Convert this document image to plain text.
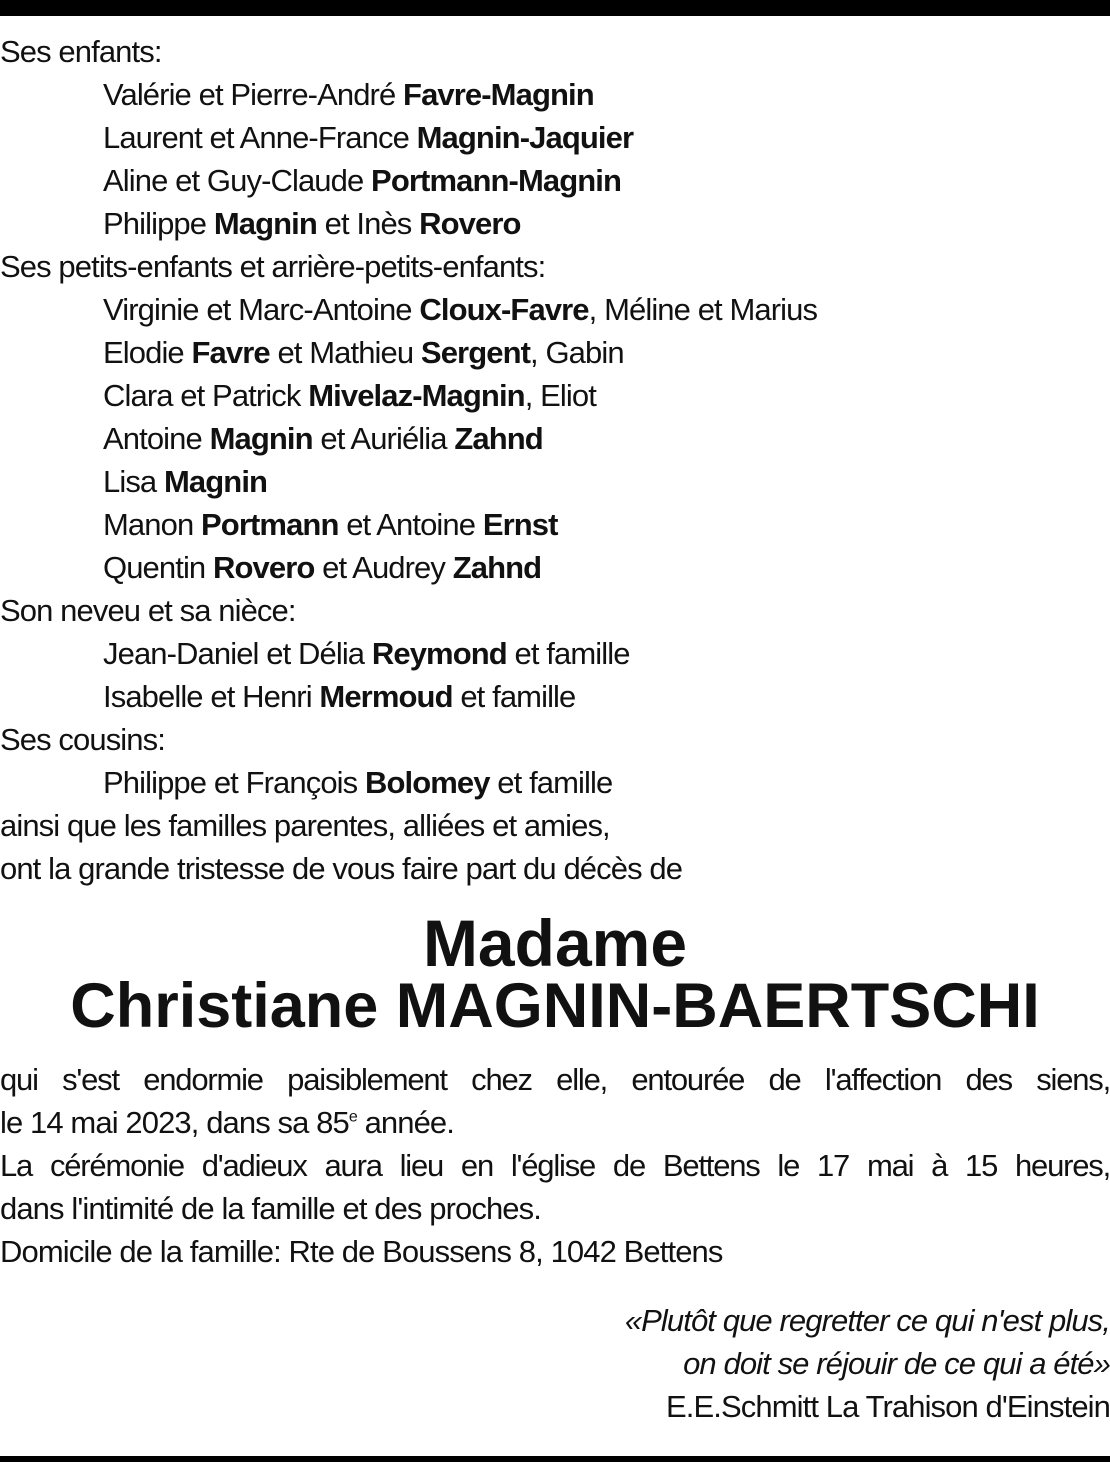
Ses enfants:
Valérie et Pierre-André Favre-Magnin
Laurent et Anne-France Magnin-Jaquier
Aline et Guy-Claude Portmann-Magnin
Philippe Magnin et Inès Rovero
Ses petits-enfants et arrière-petits-enfants:
Virginie et Marc-Antoine Cloux-Favre, Méline et Marius
Elodie Favre et Mathieu Sergent, Gabin
Clara et Patrick Mivelaz-Magnin, Eliot
Antoine Magnin et Auriélia Zahnd
Lisa Magnin
Manon Portmann et Antoine Ernst
Quentin Rovero et Audrey Zahnd
Son neveu et sa nièce:
Jean-Daniel et Délia Reymond et famille
Isabelle et Henri Mermoud et famille
Ses cousins:
Philippe et François Bolomey et famille
ainsi que les familles parentes, alliées et amies,
ont la grande tristesse de vous faire part du décès de
Madame
Christiane MAGNIN-BAERTSCHI
qui s'est endormie paisiblement chez elle, entourée de l'affection des siens,
le 14 mai 2023, dans sa 85e année.
La cérémonie d'adieux aura lieu en l'église de Bettens le 17 mai à 15 heures,
dans l'intimité de la famille et des proches.
Domicile de la famille: Rte de Boussens 8, 1042 Bettens
«Plutôt que regretter ce qui n'est plus,
on doit se réjouir de ce qui a été»
E.E.Schmitt La Trahison d'Einstein
